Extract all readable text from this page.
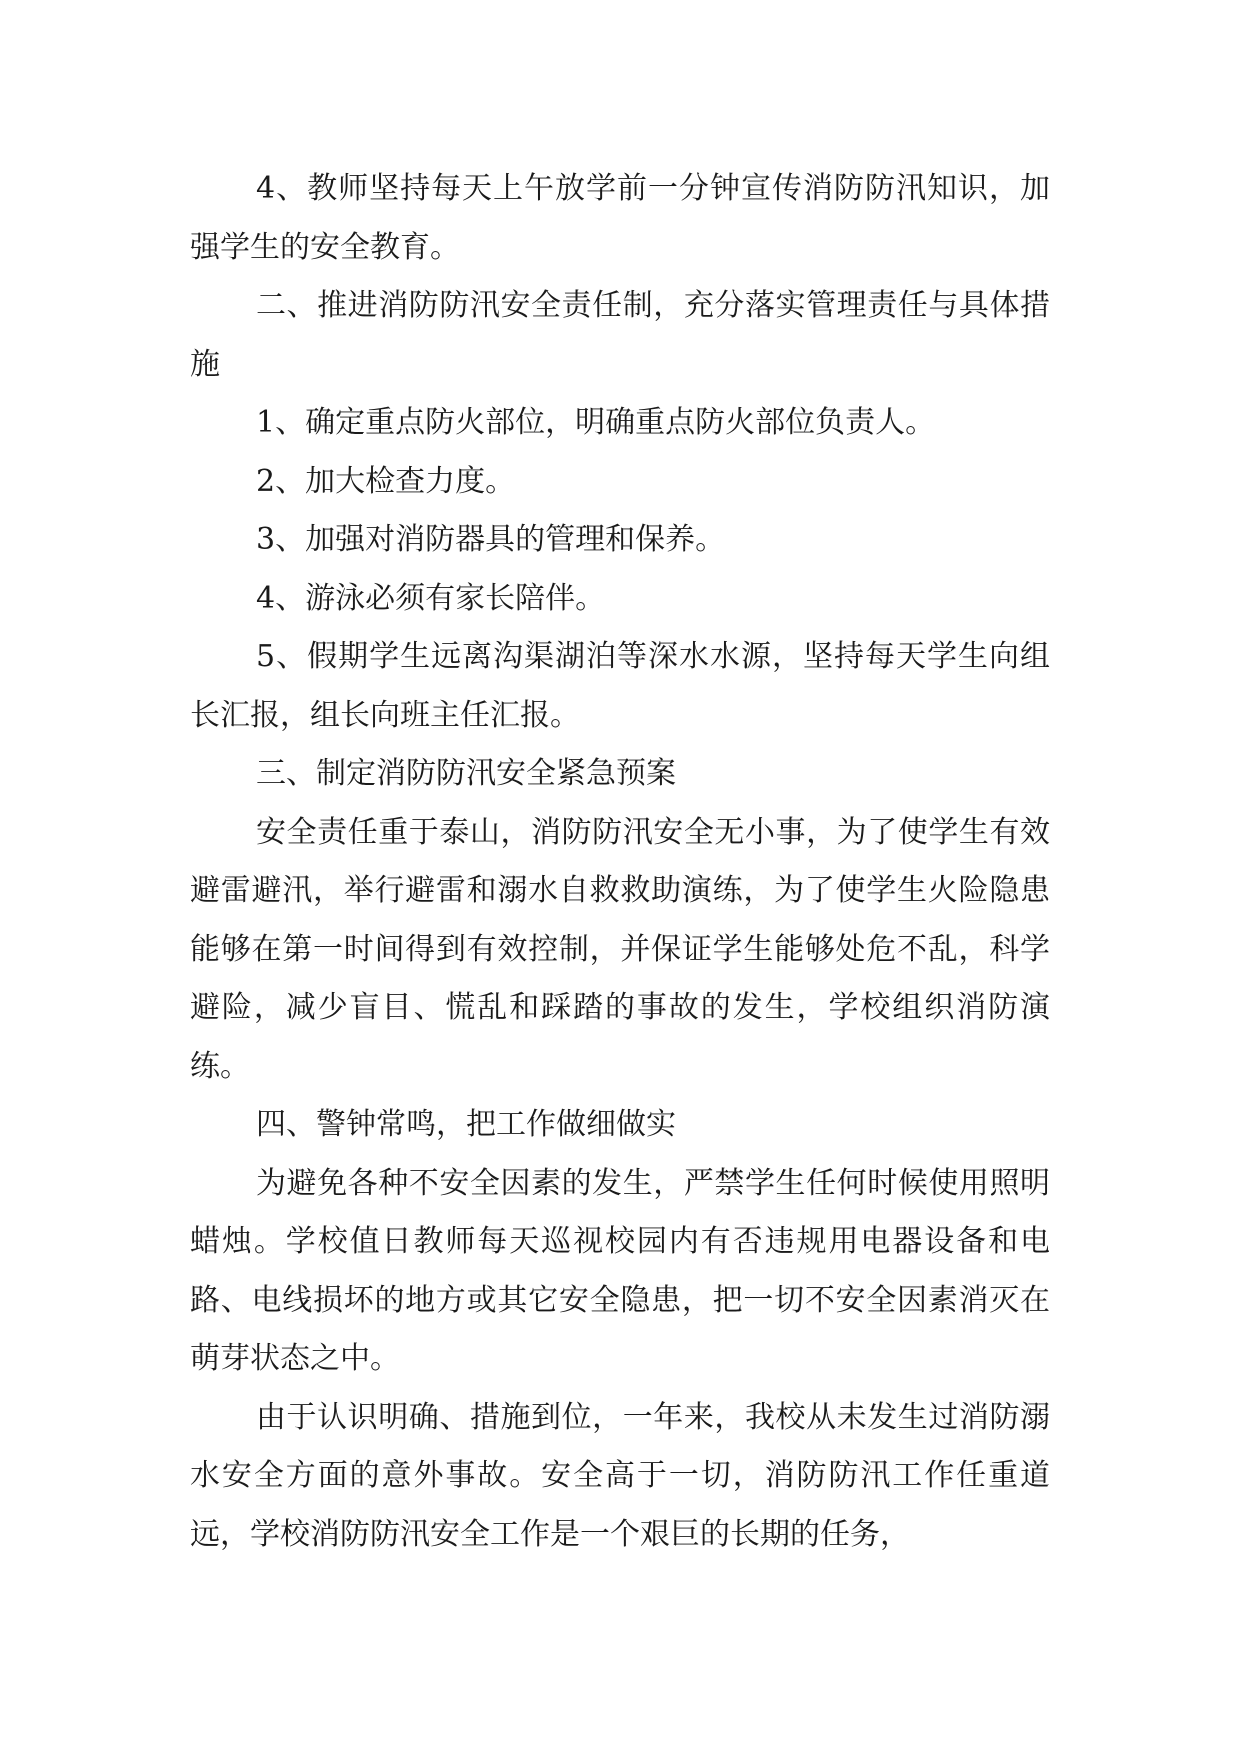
4、教师坚持每天上午放学前一分钟宣传消防防汛知识，加强学生的安全教育。

二、推进消防防汛安全责任制，充分落实管理责任与具体措施

1、确定重点防火部位，明确重点防火部位负责人。

2、加大检查力度。

3、加强对消防器具的管理和保养。

4、游泳必须有家长陪伴。

5、假期学生远离沟渠湖泊等深水水源，坚持每天学生向组长汇报，组长向班主任汇报。

三、制定消防防汛安全紧急预案

安全责任重于泰山，消防防汛安全无小事，为了使学生有效避雷避汛，举行避雷和溺水自救救助演练，为了使学生火险隐患能够在第一时间得到有效控制，并保证学生能够处危不乱，科学避险，减少盲目、慌乱和踩踏的事故的发生，学校组织消防演练。

四、警钟常鸣，把工作做细做实

为避免各种不安全因素的发生，严禁学生任何时候使用照明蜡烛。学校值日教师每天巡视校园内有否违规用电器设备和电路、电线损坏的地方或其它安全隐患，把一切不安全因素消灭在萌芽状态之中。

由于认识明确、措施到位，一年来，我校从未发生过消防溺水安全方面的意外事故。安全高于一切，消防防汛工作任重道远，学校消防防汛安全工作是一个艰巨的长期的任务，
